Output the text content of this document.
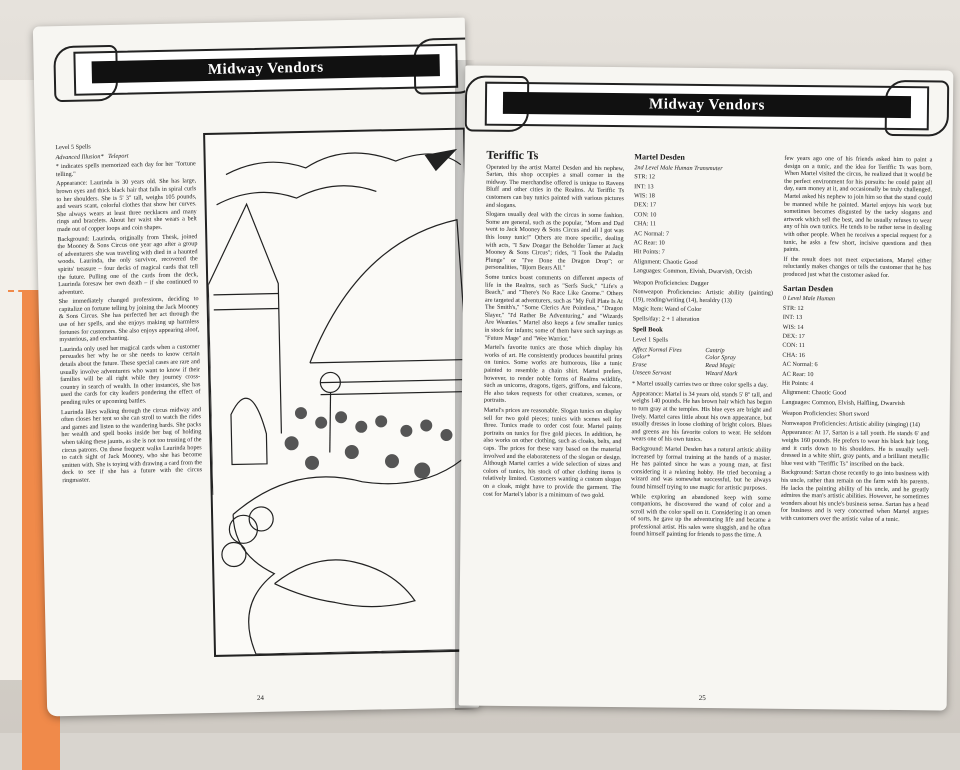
Midway Vendors

Level 5 Spells

Advanced Illusion* Teleport

* indicates spells memorized each day for her "fortune telling."

Appearance: Laurinda is 30 years old. She has large, brown eyes and thick black hair that falls in spiral curls to her shoulders. She is 5' 3" tall, weighs 105 pounds, and wears scant, colorful clothes that show her curves. She always wears at least three necklaces and many rings and bracelets. About her waist she wears a belt made out of copper loops and coin shapes.

Background: Laurinda, originally from Thesk, joined the Mooney & Sons Circus one year ago after a group of adventurers she was traveling with died in a haunted woods. Laurinda, the only survivor, recovered the spirits' treasure – four decks of magical cards that tell the future. Pulling one of the cards from the deck, Laurinda foresaw her own death – if she continued to adventure.

She immediately changed professions, deciding to capitalize on fortune telling by joining the Jack Mooney & Sons Circus. She has perfected her act through the use of her spells, and she enjoys making up harmless fortunes for customers. She also enjoys appearing aloof, mysterious, and enchanting.

Laurinda only used her magical cards when a customer persuades her why he or she needs to know certain details about the future. These special cases are rare and usually involve adventurers who want to know if their families will be all right while they journey cross-country in search of wealth. In other instances, she has used the cards for city leaders pondering the effect of pending rules or upcoming battles.

Laurinda likes walking through the circus midway and often closes her tent so she can stroll to watch the rides and games and listen to the wandering bards. She packs her wealth and spell books inside her bag of holding when taking these jaunts, as she is not too trusting of the circus patrons. On these frequent walks Laurinda hopes to catch sight of Jack Mooney, who she has become smitten with. She is toying with drawing a card from the deck to see if she has a future with the circus ringmaster.

24
Midway Vendors
Teriffic Ts

Operated by the artist Martel Desden and his nephew, Sartan, this shop occupies a small corner in the midway. The merchandise offered is unique to Ravens Bluff and other cities in the Realms. At Teriffic Ts customers can buy tunics painted with various pictures and slogans.

Slogans usually deal with the circus in some fashion. Some are general, such as the popular, "Mom and Dad went to Jack Mooney & Sons Circus and all I got was this lousy tunic!" Others are more specific, dealing with acts, "I Saw Doagar the Beholder Tamer at Jack Mooney & Sons Circus"; rides, "I Took the Paladin Plunge" or "I've Done the Dragon Drop"; or personalities, "Bjorn Bears All."

Some tunics boast comments on different aspects of life in the Realms, such as "Serfs Suck," "Life's a Beach," and "There's No Race Like Gnome." Others are targeted at adventurers, such as "My Full Plate Is At The Smith's," "Some Clerics Are Pointless," "Dragon Slayer," "I'd Rather Be Adventuring," and "Wizards Are Weanies." Martel also keeps a few smaller tunics in stock for infants; some of them have such sayings as "Future Mage" and "Wee Warrior."

Martel's favorite tunics are those which display his works of art. He consistently produces beautiful prints on tunics. Some works are humorous, like a tunic painted to resemble a chain shirt. Martel prefers, however, to render noble forms of Realms wildlife, such as unicorns, dragons, tigers, griffons, and falcons. He also takes requests for other creatures, scenes, or portraits.

Martel's prices are reasonable. Slogan tunics on display sell for two gold pieces; tunics with scenes sell for three. Tunics made to order cost four. Martel paints portraits on tunics for five gold pieces. In addition, he also works on other clothing, such as cloaks, belts, and caps. The prices for these vary based on the material involved and the elaborateness of the slogan or design. Although Martel carries a wide selection of sizes and colors of tunics, his stock of other clothing items is relatively limited. Customers wanting a custom slogan on a cloak, might have to provide the garment. The cost for Martel's labor is a minimum of two gold.

Martel Desden

2nd Level Male Human Transmuter

STR: 12

INT: 13

WIS: 18

DEX: 17

CON: 10

CHA: 11

AC Normal: 7

AC Rear: 10

Hit Points: 7

Alignment: Chaotic Good

Languages: Common, Elvish, Dwarvish, Orcish

Weapon Proficiencies: Dagger

Nonweapon Proficiencies: Artistic ability (painting) (19), reading/writing (14), heraldry (13)

Magic Item: Wand of Color

Spells/day: 2 + 1 alteration

Spell Book

Level 1 Spells

Affect Normal Fires	Cantrip
Color*	Color Spray
Erase	Read Magic
Unseen Servant	Wizard Mark

* Martel usually carries two or three color spells a day.

Appearance: Martel is 34 years old, stands 5' 8" tall, and weighs 140 pounds. He has brown hair which has begun to turn gray at the temples. His blue eyes are bright and lively. Martel cares little about his own appearance, but usually dresses in loose clothing of bright colors. Blues and greens are his favorite colors to wear. He seldom wears one of his own tunics.

Background: Martel Desden has a natural artistic ability increased by formal training at the hands of a master. He has painted since he was a young man, at first considering it a relaxing hobby. He tried becoming a wizard and was somewhat successful, but he always found himself trying to use magic for artistic purposes.

While exploring an abandoned keep with some companions, he discovered the wand of color and a scroll with the color spell on it. Considering it an omen of sorts, he gave up the adventuring life and became a professional artist. His sales were sluggish, and he often found himself painting for friends to pass the time. A

few years ago one of his friends asked him to paint a design on a tunic, and the idea for Teriffic Ts was born. When Martel visited the circus, he realized that it would be the perfect environment for his pursuits: he could paint all day, earn money at it, and occasionally be truly challenged. Martel asked his nephew to join him so that the stand could be manned while he painted. Martel enjoys his work but sometimes becomes disgusted by the tacky slogans and artwork which sell the best, and he usually refuses to wear any of his own tunics. He tends to be rather terse in dealing with other people. When he receives a special request for a tunic, he asks a few short, incisive questions and then paints.

If the result does not meet expectations, Martel either reluctantly makes changes or tells the customer that he has produced just what the customer asked for.

Sartan Desden

0 Level Male Human

STR: 12

INT: 13

WIS: 14

DEX: 17

CON: 11

CHA: 16

AC Normal: 6

AC Rear: 10

Hit Points: 4

Alignment: Chaotic Good

Languages: Common, Elvish, Halfling, Dwarvish

Weapon Proficiencies: Short sword

Nonweapon Proficiencies: Artistic ability (singing) (14)

Appearance: At 17, Sartan is a tall youth. He stands 6' and weighs 160 pounds. He prefers to wear his black hair long, and it curls down to his shoulders. He is usually well-dressed in a white shirt, gray pants, and a brilliant metallic blue vest with "Teriffic Ts" inscribed on the back.

Background: Sartan chose recently to go into business with his uncle, rather than remain on the farm with his parents. He lacks the painting ability of his uncle, and he greatly admires the man's artistic abilities. However, he sometimes wonders about his uncle's business sense. Sartan has a head for business and is very concerned when Martel argues with customers over the artistic value of a tunic.

25
